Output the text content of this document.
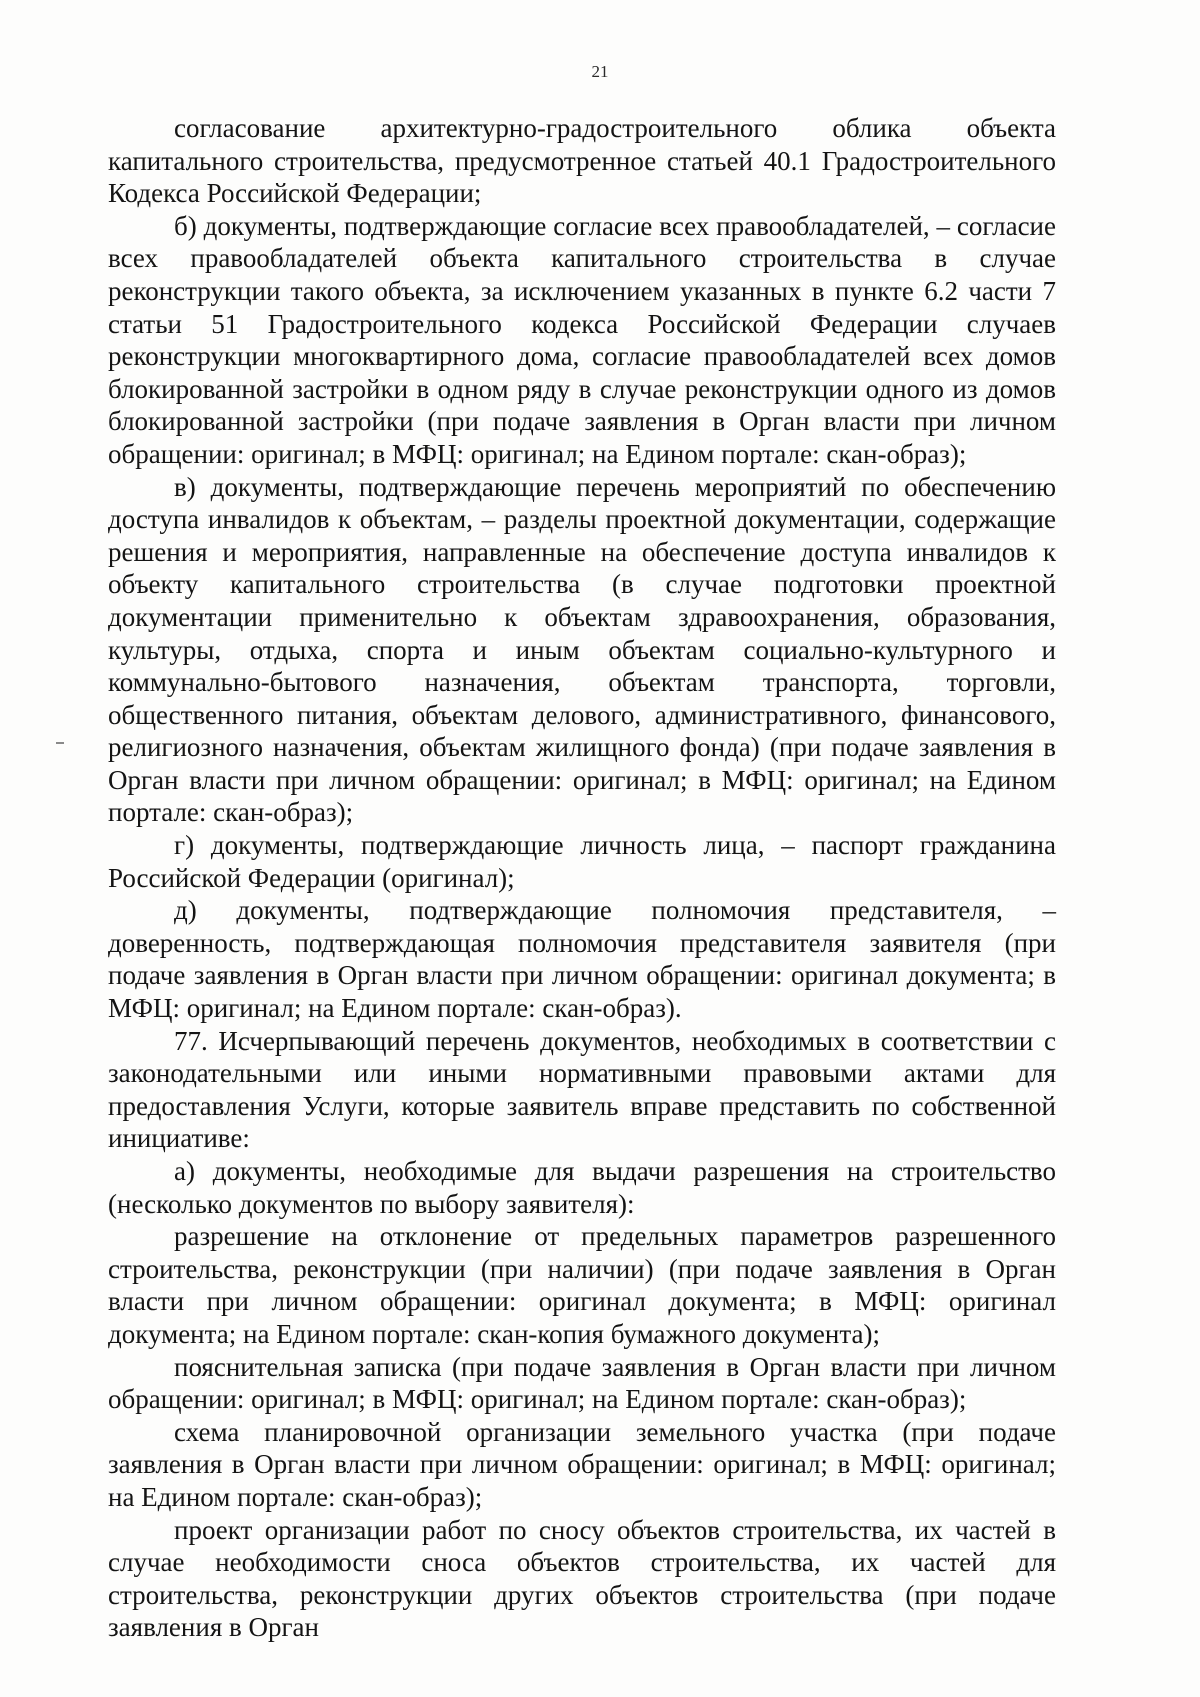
21

согласование архитектурно-градостроительного облика объекта капитального строительства, предусмотренное статьей 40.1 Градостроительного Кодекса Российской Федерации;

б) документы, подтверждающие согласие всех правообладателей, – согласие всех правообладателей объекта капитального строительства в случае реконструкции такого объекта, за исключением указанных в пункте 6.2 части 7 статьи 51 Градостроительного кодекса Российской Федерации случаев реконструкции многоквартирного дома, согласие правообладателей всех домов блокированной застройки в одном ряду в случае реконструкции одного из домов блокированной застройки (при подаче заявления в Орган власти при личном обращении: оригинал; в МФЦ: оригинал; на Едином портале: скан-образ);

в) документы, подтверждающие перечень мероприятий по обеспечению доступа инвалидов к объектам, – разделы проектной документации, содержащие решения и мероприятия, направленные на обеспечение доступа инвалидов к объекту капитального строительства (в случае подготовки проектной документации применительно к объектам здравоохранения, образования, культуры, отдыха, спорта и иным объектам социально-культурного и коммунально-бытового назначения, объектам транспорта, торговли, общественного питания, объектам делового, административного, финансового, религиозного назначения, объектам жилищного фонда) (при подаче заявления в Орган власти при личном обращении: оригинал; в МФЦ: оригинал; на Едином портале: скан-образ);

г) документы, подтверждающие личность лица, – паспорт гражданина Российской Федерации (оригинал);

д) документы, подтверждающие полномочия представителя, – доверенность, подтверждающая полномочия представителя заявителя (при подаче заявления в Орган власти при личном обращении: оригинал документа; в МФЦ: оригинал; на Едином портале: скан-образ).

77. Исчерпывающий перечень документов, необходимых в соответствии с законодательными или иными нормативными правовыми актами для предоставления Услуги, которые заявитель вправе представить по собственной инициативе:

а) документы, необходимые для выдачи разрешения на строительство (несколько документов по выбору заявителя):

разрешение на отклонение от предельных параметров разрешенного строительства, реконструкции (при наличии) (при подаче заявления в Орган власти при личном обращении: оригинал документа; в МФЦ: оригинал документа; на Едином портале: скан-копия бумажного документа);

пояснительная записка (при подаче заявления в Орган власти при личном обращении: оригинал; в МФЦ: оригинал; на Едином портале: скан-образ);

схема планировочной организации земельного участка (при подаче заявления в Орган власти при личном обращении: оригинал; в МФЦ: оригинал; на Едином портале: скан-образ);

проект организации работ по сносу объектов строительства, их частей в случае необходимости сноса объектов строительства, их частей для строительства, реконструкции других объектов строительства (при подаче заявления в Орган
